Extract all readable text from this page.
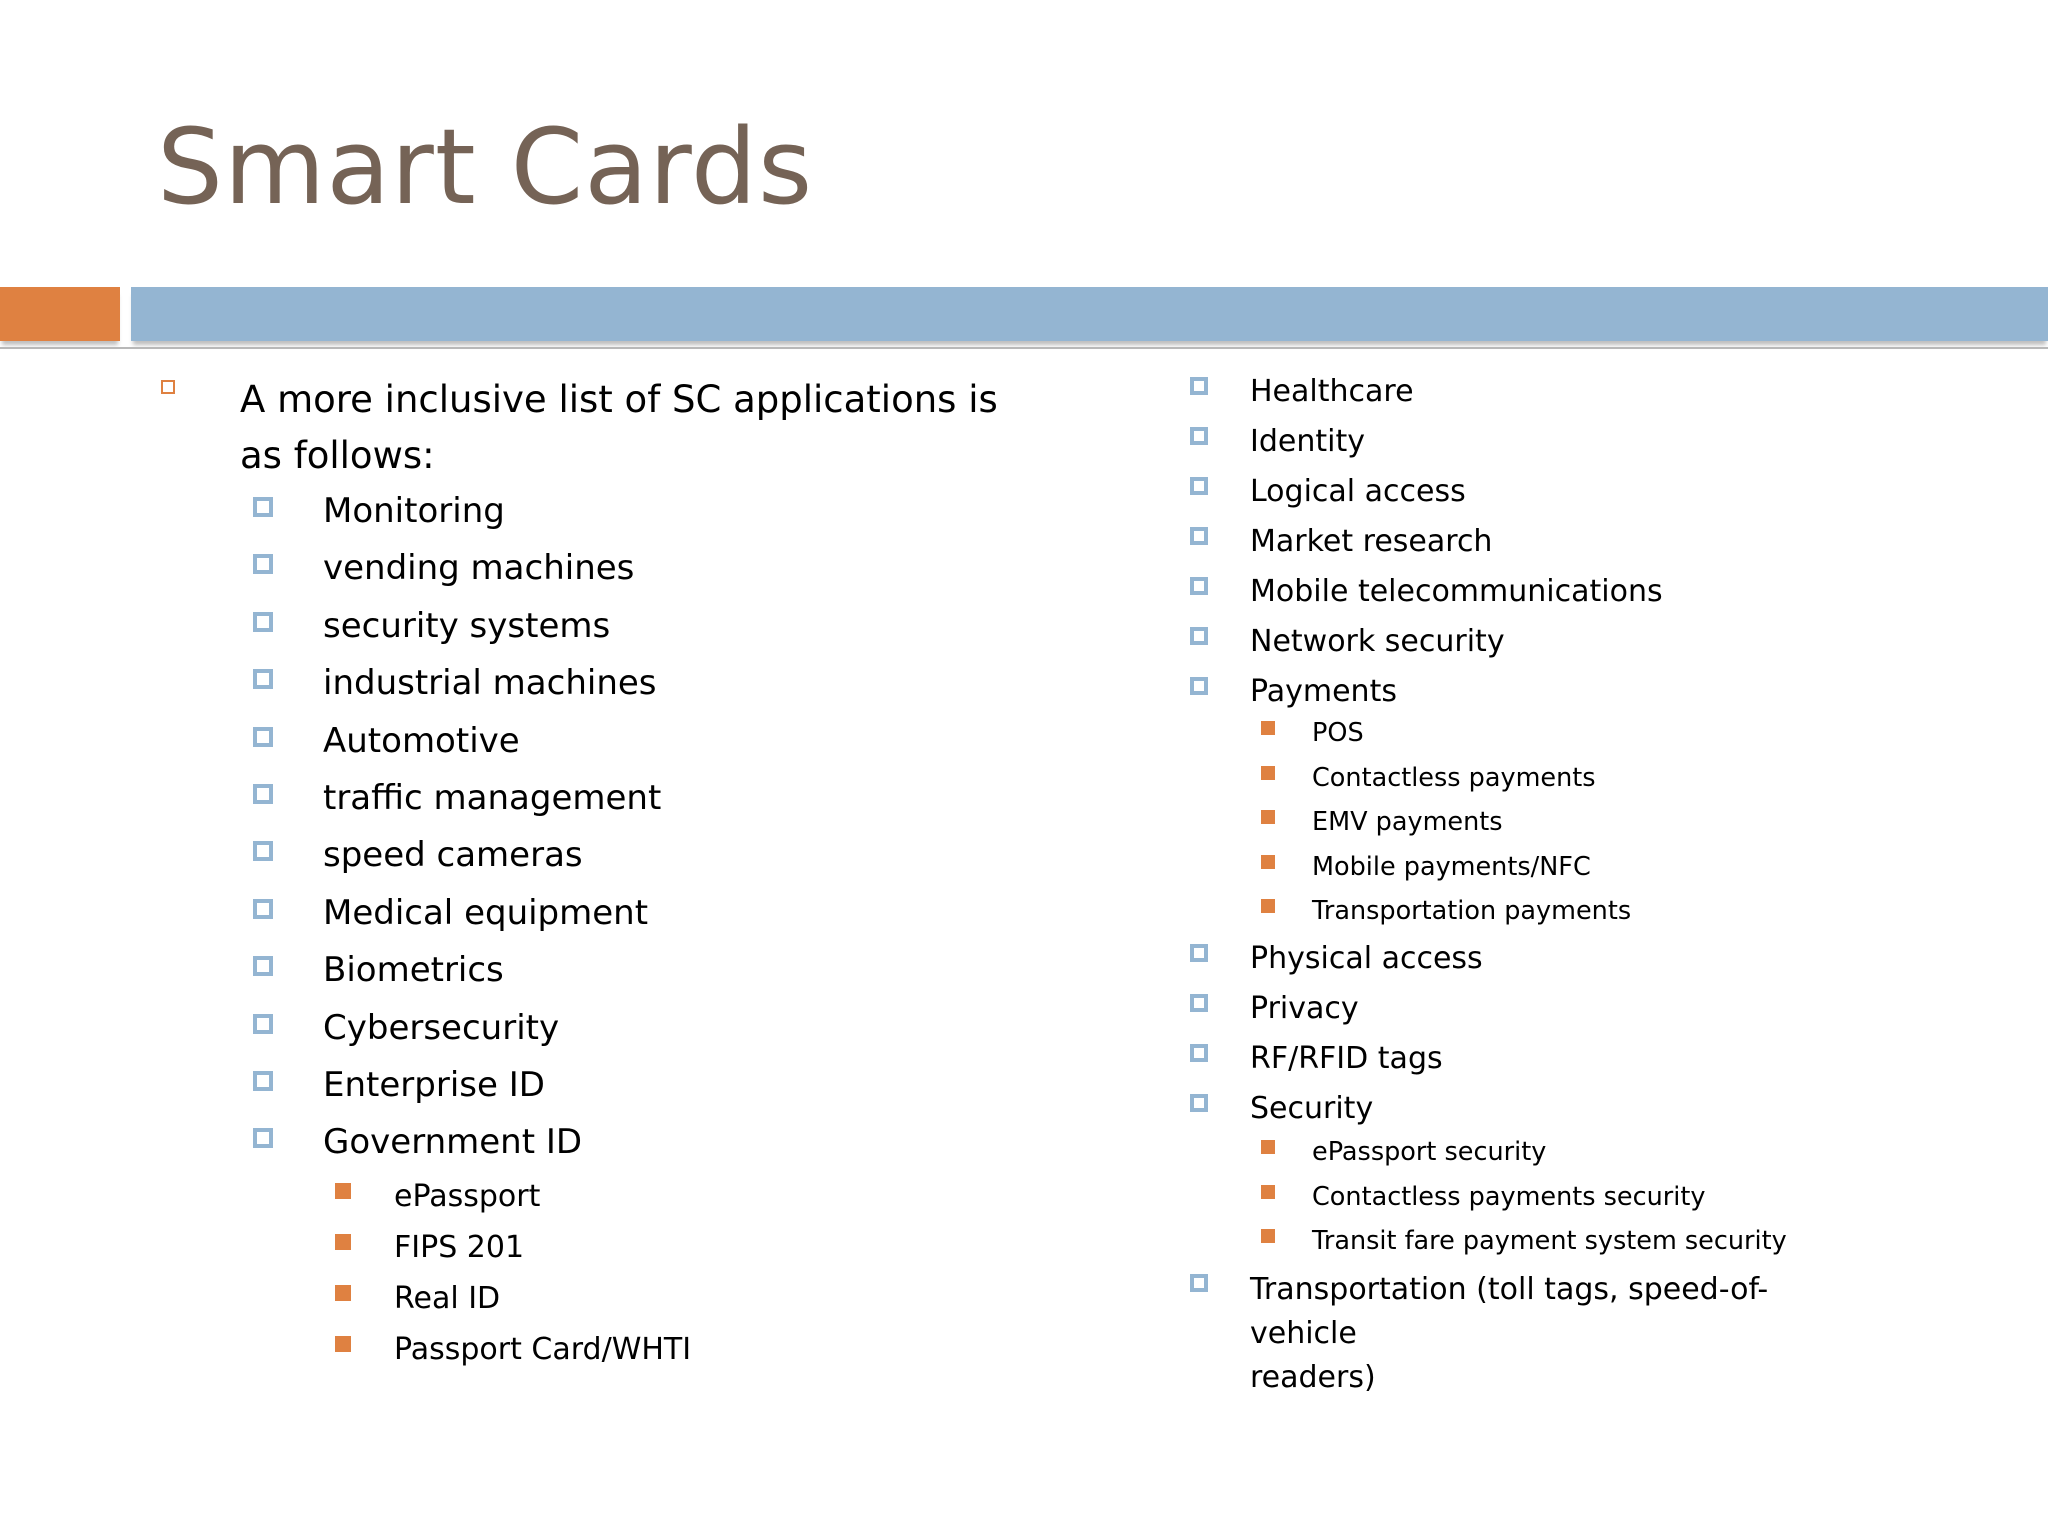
Smart Cards
A more inclusive list of SC applications is
as follows:
Monitoring
vending machines
security systems
industrial machines
Automotive
traffic management
speed cameras
Medical equipment
Biometrics
Cybersecurity
Enterprise ID
Government ID
ePassport
FIPS 201
Real ID
Passport Card/WHTI
Healthcare
Identity
Logical access
Market research
Mobile telecommunications
Network security
Payments
POS
Contactless payments
EMV payments
Mobile payments/NFC
Transportation payments
Physical access
Privacy
RF/RFID tags
Security
ePassport security
Contactless payments security
Transit fare payment system security
Transportation (toll tags, speed-of-vehicle
readers)
